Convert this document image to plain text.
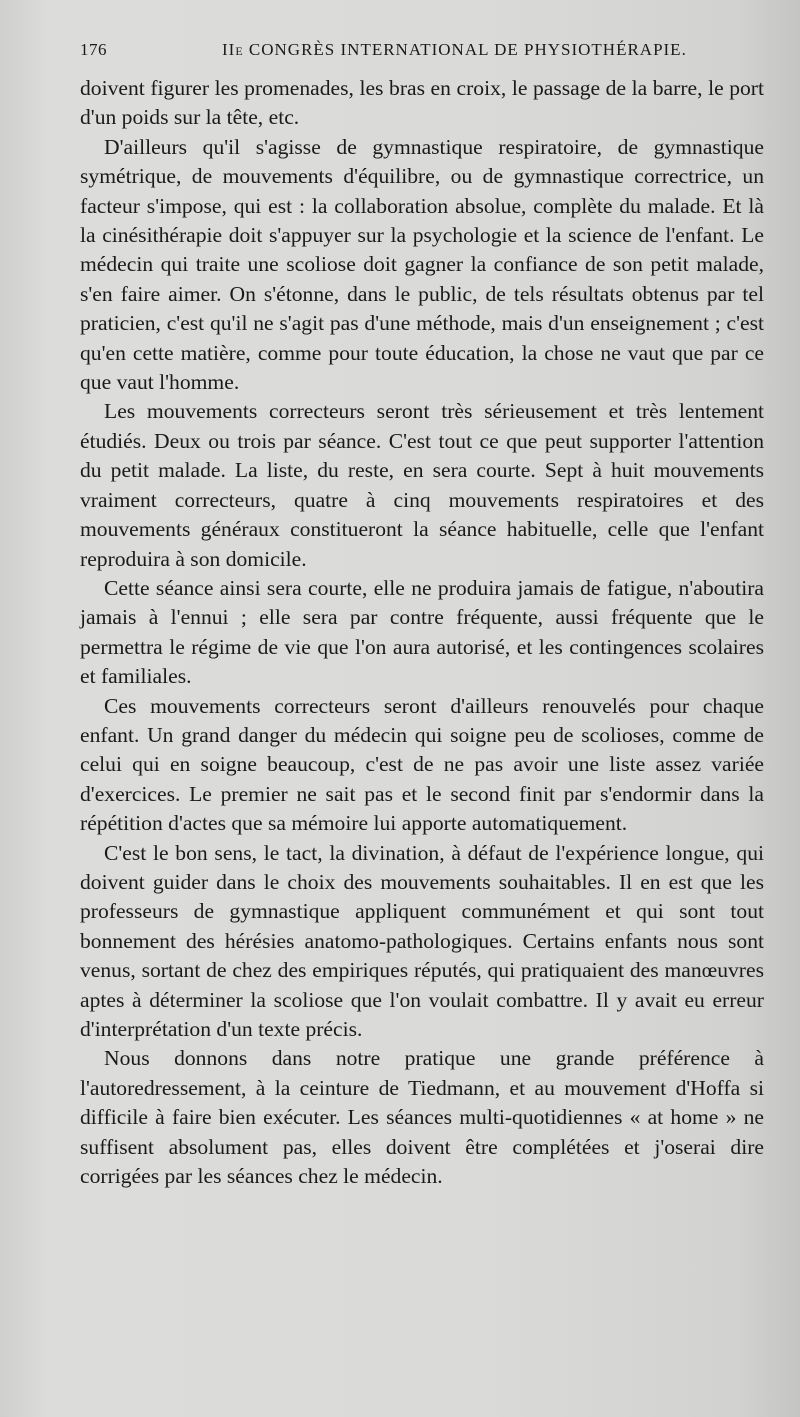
176	IIe CONGRÈS INTERNATIONAL DE PHYSIOTHÉRAPIE.

doivent figurer les promenades, les bras en croix, le passage de la barre, le port d'un poids sur la tête, etc.

D'ailleurs qu'il s'agisse de gymnastique respiratoire, de gymnastique symétrique, de mouvements d'équilibre, ou de gymnastique correctrice, un facteur s'impose, qui est : la collaboration absolue, complète du malade. Et là la cinésithérapie doit s'appuyer sur la psychologie et la science de l'enfant. Le médecin qui traite une scoliose doit gagner la confiance de son petit malade, s'en faire aimer. On s'étonne, dans le public, de tels résultats obtenus par tel praticien, c'est qu'il ne s'agit pas d'une méthode, mais d'un enseignement ; c'est qu'en cette matière, comme pour toute éducation, la chose ne vaut que par ce que vaut l'homme.

Les mouvements correcteurs seront très sérieusement et très lentement étudiés. Deux ou trois par séance. C'est tout ce que peut supporter l'attention du petit malade. La liste, du reste, en sera courte. Sept à huit mouvements vraiment correcteurs, quatre à cinq mouvements respiratoires et des mouvements généraux constitueront la séance habituelle, celle que l'enfant reproduira à son domicile.

Cette séance ainsi sera courte, elle ne produira jamais de fatigue, n'aboutira jamais à l'ennui ; elle sera par contre fréquente, aussi fréquente que le permettra le régime de vie que l'on aura autorisé, et les contingences scolaires et familiales.

Ces mouvements correcteurs seront d'ailleurs renouvelés pour chaque enfant. Un grand danger du médecin qui soigne peu de scolioses, comme de celui qui en soigne beaucoup, c'est de ne pas avoir une liste assez variée d'exercices. Le premier ne sait pas et le second finit par s'endormir dans la répétition d'actes que sa mémoire lui apporte automatiquement.

C'est le bon sens, le tact, la divination, à défaut de l'expérience longue, qui doivent guider dans le choix des mouvements souhaitables. Il en est que les professeurs de gymnastique appliquent communément et qui sont tout bonnement des hérésies anatomo-pathologiques. Certains enfants nous sont venus, sortant de chez des empiriques réputés, qui pratiquaient des manœuvres aptes à déterminer la scoliose que l'on voulait combattre. Il y avait eu erreur d'interprétation d'un texte précis.

Nous donnons dans notre pratique une grande préférence à l'autoredressement, à la ceinture de Tiedmann, et au mouvement d'Hoffa si difficile à faire bien exécuter. Les séances multi-quotidiennes « at home » ne suffisent absolument pas, elles doivent être complétées et j'oserai dire corrigées par les séances chez le médecin.
